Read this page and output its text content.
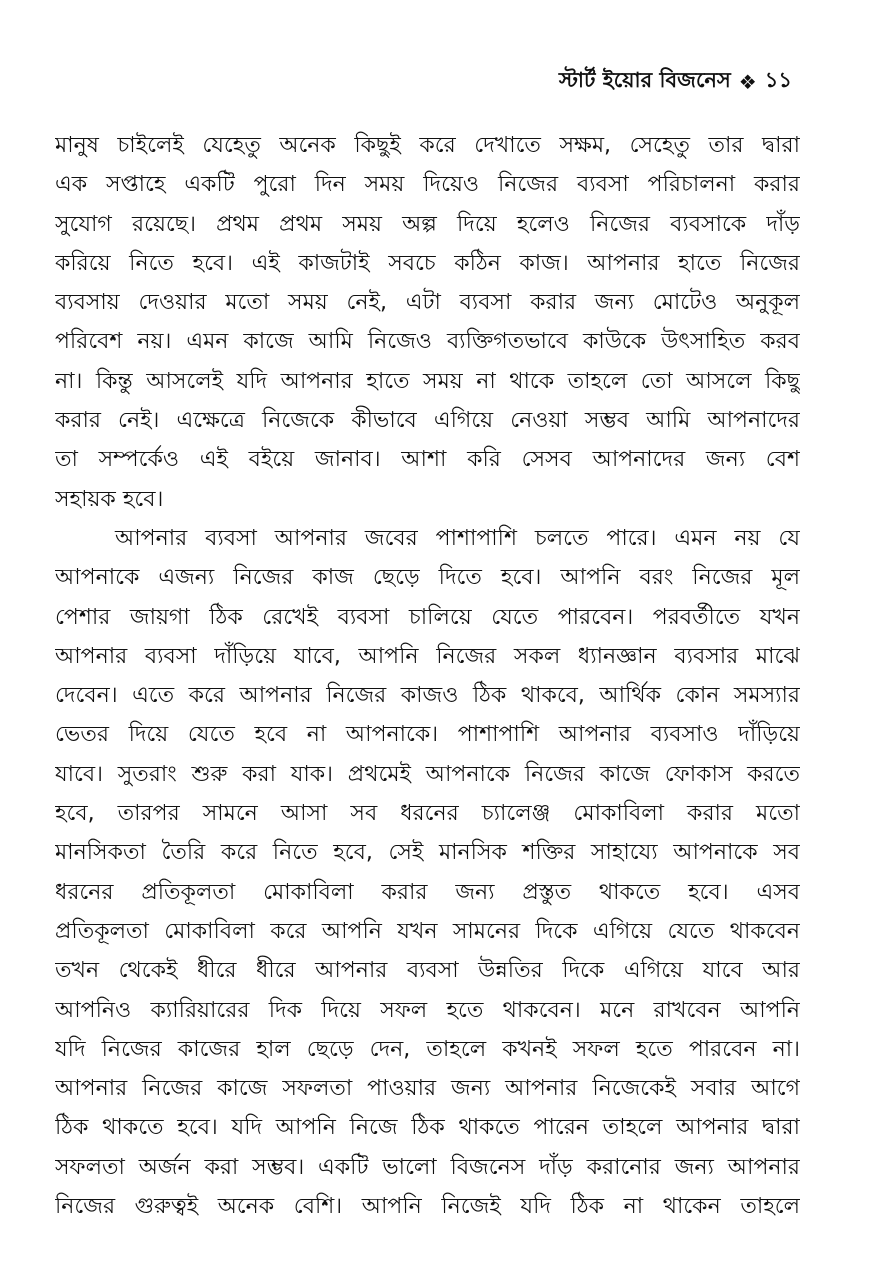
স্টার্ট ইয়োর বিজনেস ❖ ১১
মানুষ চাইলেই যেহেতু অনেক কিছুই করে দেখাতে সক্ষম, সেহেতু তার দ্বারা
এক সপ্তাহে একটি পুরো দিন সময় দিয়েও নিজের ব্যবসা পরিচালনা করার
সুযোগ রয়েছে। প্রথম প্রথম সময় অল্প দিয়ে হলেও নিজের ব্যবসাকে দাঁড়
করিয়ে নিতে হবে। এই কাজটাই সবচে কঠিন কাজ। আপনার হাতে নিজের
ব্যবসায় দেওয়ার মতো সময় নেই, এটা ব্যবসা করার জন্য মোটেও অনুকূল
পরিবেশ নয়। এমন কাজে আমি নিজেও ব্যক্তিগতভাবে কাউকে উৎসাহিত করব
না। কিন্তু আসলেই যদি আপনার হাতে সময় না থাকে তাহলে তো আসলে কিছু
করার নেই। এক্ষেত্রে নিজেকে কীভাবে এগিয়ে নেওয়া সম্ভব আমি আপনাদের
তা সম্পর্কেও এই বইয়ে জানাব। আশা করি সেসব আপনাদের জন্য বেশ
সহায়ক হবে।
আপনার ব্যবসা আপনার জবের পাশাপাশি চলতে পারে। এমন নয় যে
আপনাকে এজন্য নিজের কাজ ছেড়ে দিতে হবে। আপনি বরং নিজের মূল
পেশার জায়গা ঠিক রেখেই ব্যবসা চালিয়ে যেতে পারবেন। পরবর্তীতে যখন
আপনার ব্যবসা দাঁড়িয়ে যাবে, আপনি নিজের সকল ধ্যানজ্ঞান ব্যবসার মাঝে
দেবেন। এতে করে আপনার নিজের কাজও ঠিক থাকবে, আর্থিক কোন সমস্যার
ভেতর দিয়ে যেতে হবে না আপনাকে। পাশাপাশি আপনার ব্যবসাও দাঁড়িয়ে
যাবে। সুতরাং শুরু করা যাক। প্রথমেই আপনাকে নিজের কাজে ফোকাস করতে
হবে, তারপর সামনে আসা সব ধরনের চ্যালেঞ্জ মোকাবিলা করার মতো
মানসিকতা তৈরি করে নিতে হবে, সেই মানসিক শক্তির সাহায্যে আপনাকে সব
ধরনের প্রতিকূলতা মোকাবিলা করার জন্য প্রস্তুত থাকতে হবে। এসব
প্রতিকূলতা মোকাবিলা করে আপনি যখন সামনের দিকে এগিয়ে যেতে থাকবেন
তখন থেকেই ধীরে ধীরে আপনার ব্যবসা উন্নতির দিকে এগিয়ে যাবে আর
আপনিও ক্যারিয়ারের দিক দিয়ে সফল হতে থাকবেন। মনে রাখবেন আপনি
যদি নিজের কাজের হাল ছেড়ে দেন, তাহলে কখনই সফল হতে পারবেন না।
আপনার নিজের কাজে সফলতা পাওয়ার জন্য আপনার নিজেকেই সবার আগে
ঠিক থাকতে হবে। যদি আপনি নিজে ঠিক থাকতে পারেন তাহলে আপনার দ্বারা
সফলতা অর্জন করা সম্ভব। একটি ভালো বিজনেস দাঁড় করানোর জন্য আপনার
নিজের গুরুত্বই অনেক বেশি। আপনি নিজেই যদি ঠিক না থাকেন তাহলে
